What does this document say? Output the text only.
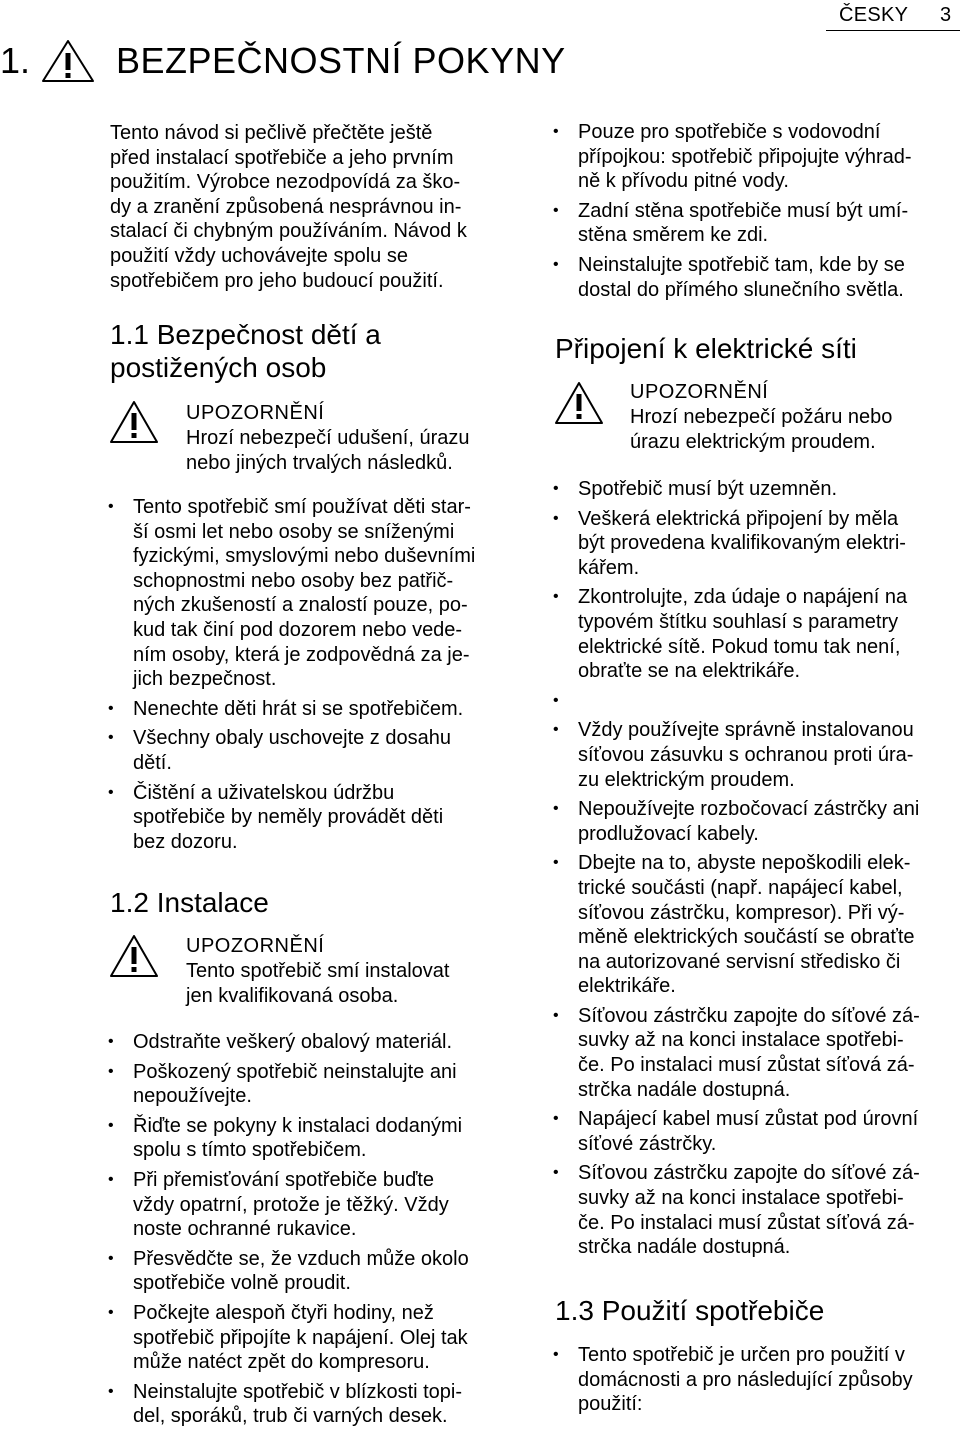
ČESKY 3
1. BEZPEČNOSTNÍ POKYNY
Tento návod si pečlivě přečtěte ještě
před instalací spotřebiče a jeho prvním
použitím. Výrobce nezodpovídá za ško-
dy a zranění způsobená nesprávnou in-
stalací či chybným používáním. Návod k
použití vždy uchovávejte spolu se
spotřebičem pro jeho budoucí použití.
1.1 Bezpečnost dětí a
postižených osob
UPOZORNĚNÍ
Hrozí nebezpečí udušení, úrazu
nebo jiných trvalých následků.
• Tento spotřebič smí používat děti star-
ší osmi let nebo osoby se sníženými
fyzickými, smyslovými nebo duševními
schopnostmi nebo osoby bez patřič-
ných zkušeností a znalostí pouze, po-
kud tak činí pod dozorem nebo vede-
ním osoby, která je zodpovědná za je-
jich bezpečnost.
• Nenechte děti hrát si se spotřebičem.
• Všechny obaly uschovejte z dosahu
dětí.
• Čištění a uživatelskou údržbu
spotřebiče by neměly provádět děti
bez dozoru.
1.2 Instalace
UPOZORNĚNÍ
Tento spotřebič smí instalovat
jen kvalifikovaná osoba.
• Odstraňte veškerý obalový materiál.
• Poškozený spotřebič neinstalujte ani
nepoužívejte.
• Řiďte se pokyny k instalaci dodanými
spolu s tímto spotřebičem.
• Při přemisťování spotřebiče buďte
vždy opatrní, protože je těžký. Vždy
noste ochranné rukavice.
• Přesvědčte se, že vzduch může okolo
spotřebiče volně proudit.
• Počkejte alespoň čtyři hodiny, než
spotřebič připojíte k napájení. Olej tak
může natéct zpět do kompresoru.
• Neinstalujte spotřebič v blízkosti topi-
del, sporáků, trub či varných desek.
• Pouze pro spotřebiče s vodovodní
přípojkou: spotřebič připojujte výhrad-
ně k přívodu pitné vody.
• Zadní stěna spotřebiče musí být umí-
stěna směrem ke zdi.
• Neinstalujte spotřebič tam, kde by se
dostal do přímého slunečního světla.
Připojení k elektrické síti
UPOZORNĚNÍ
Hrozí nebezpečí požáru nebo
úrazu elektrickým proudem.
• Spotřebič musí být uzemněn.
• Veškerá elektrická připojení by měla
být provedena kvalifikovaným elektri-
kářem.
• Zkontrolujte, zda údaje o napájení na
typovém štítku souhlasí s parametry
elektrické sítě. Pokud tomu tak není,
obraťte se na elektrikáře.
•
• Vždy používejte správně instalovanou
síťovou zásuvku s ochranou proti úra-
zu elektrickým proudem.
• Nepoužívejte rozbočovací zástrčky ani
prodlužovací kabely.
• Dbejte na to, abyste nepoškodili elek-
trické součásti (např. napájecí kabel,
síťovou zástrčku, kompresor). Při vý-
měně elektrických součástí se obraťte
na autorizované servisní středisko či
elektrikáře.
• Síťovou zástrčku zapojte do síťové zá-
suvky až na konci instalace spotřebi-
če. Po instalaci musí zůstat síťová zá-
strčka nadále dostupná.
• Napájecí kabel musí zůstat pod úrovní
síťové zástrčky.
• Síťovou zástrčku zapojte do síťové zá-
suvky až na konci instalace spotřebi-
če. Po instalaci musí zůstat síťová zá-
strčka nadále dostupná.
1.3 Použití spotřebiče
• Tento spotřebič je určen pro použití v
domácnosti a pro následující způsoby
použití:
